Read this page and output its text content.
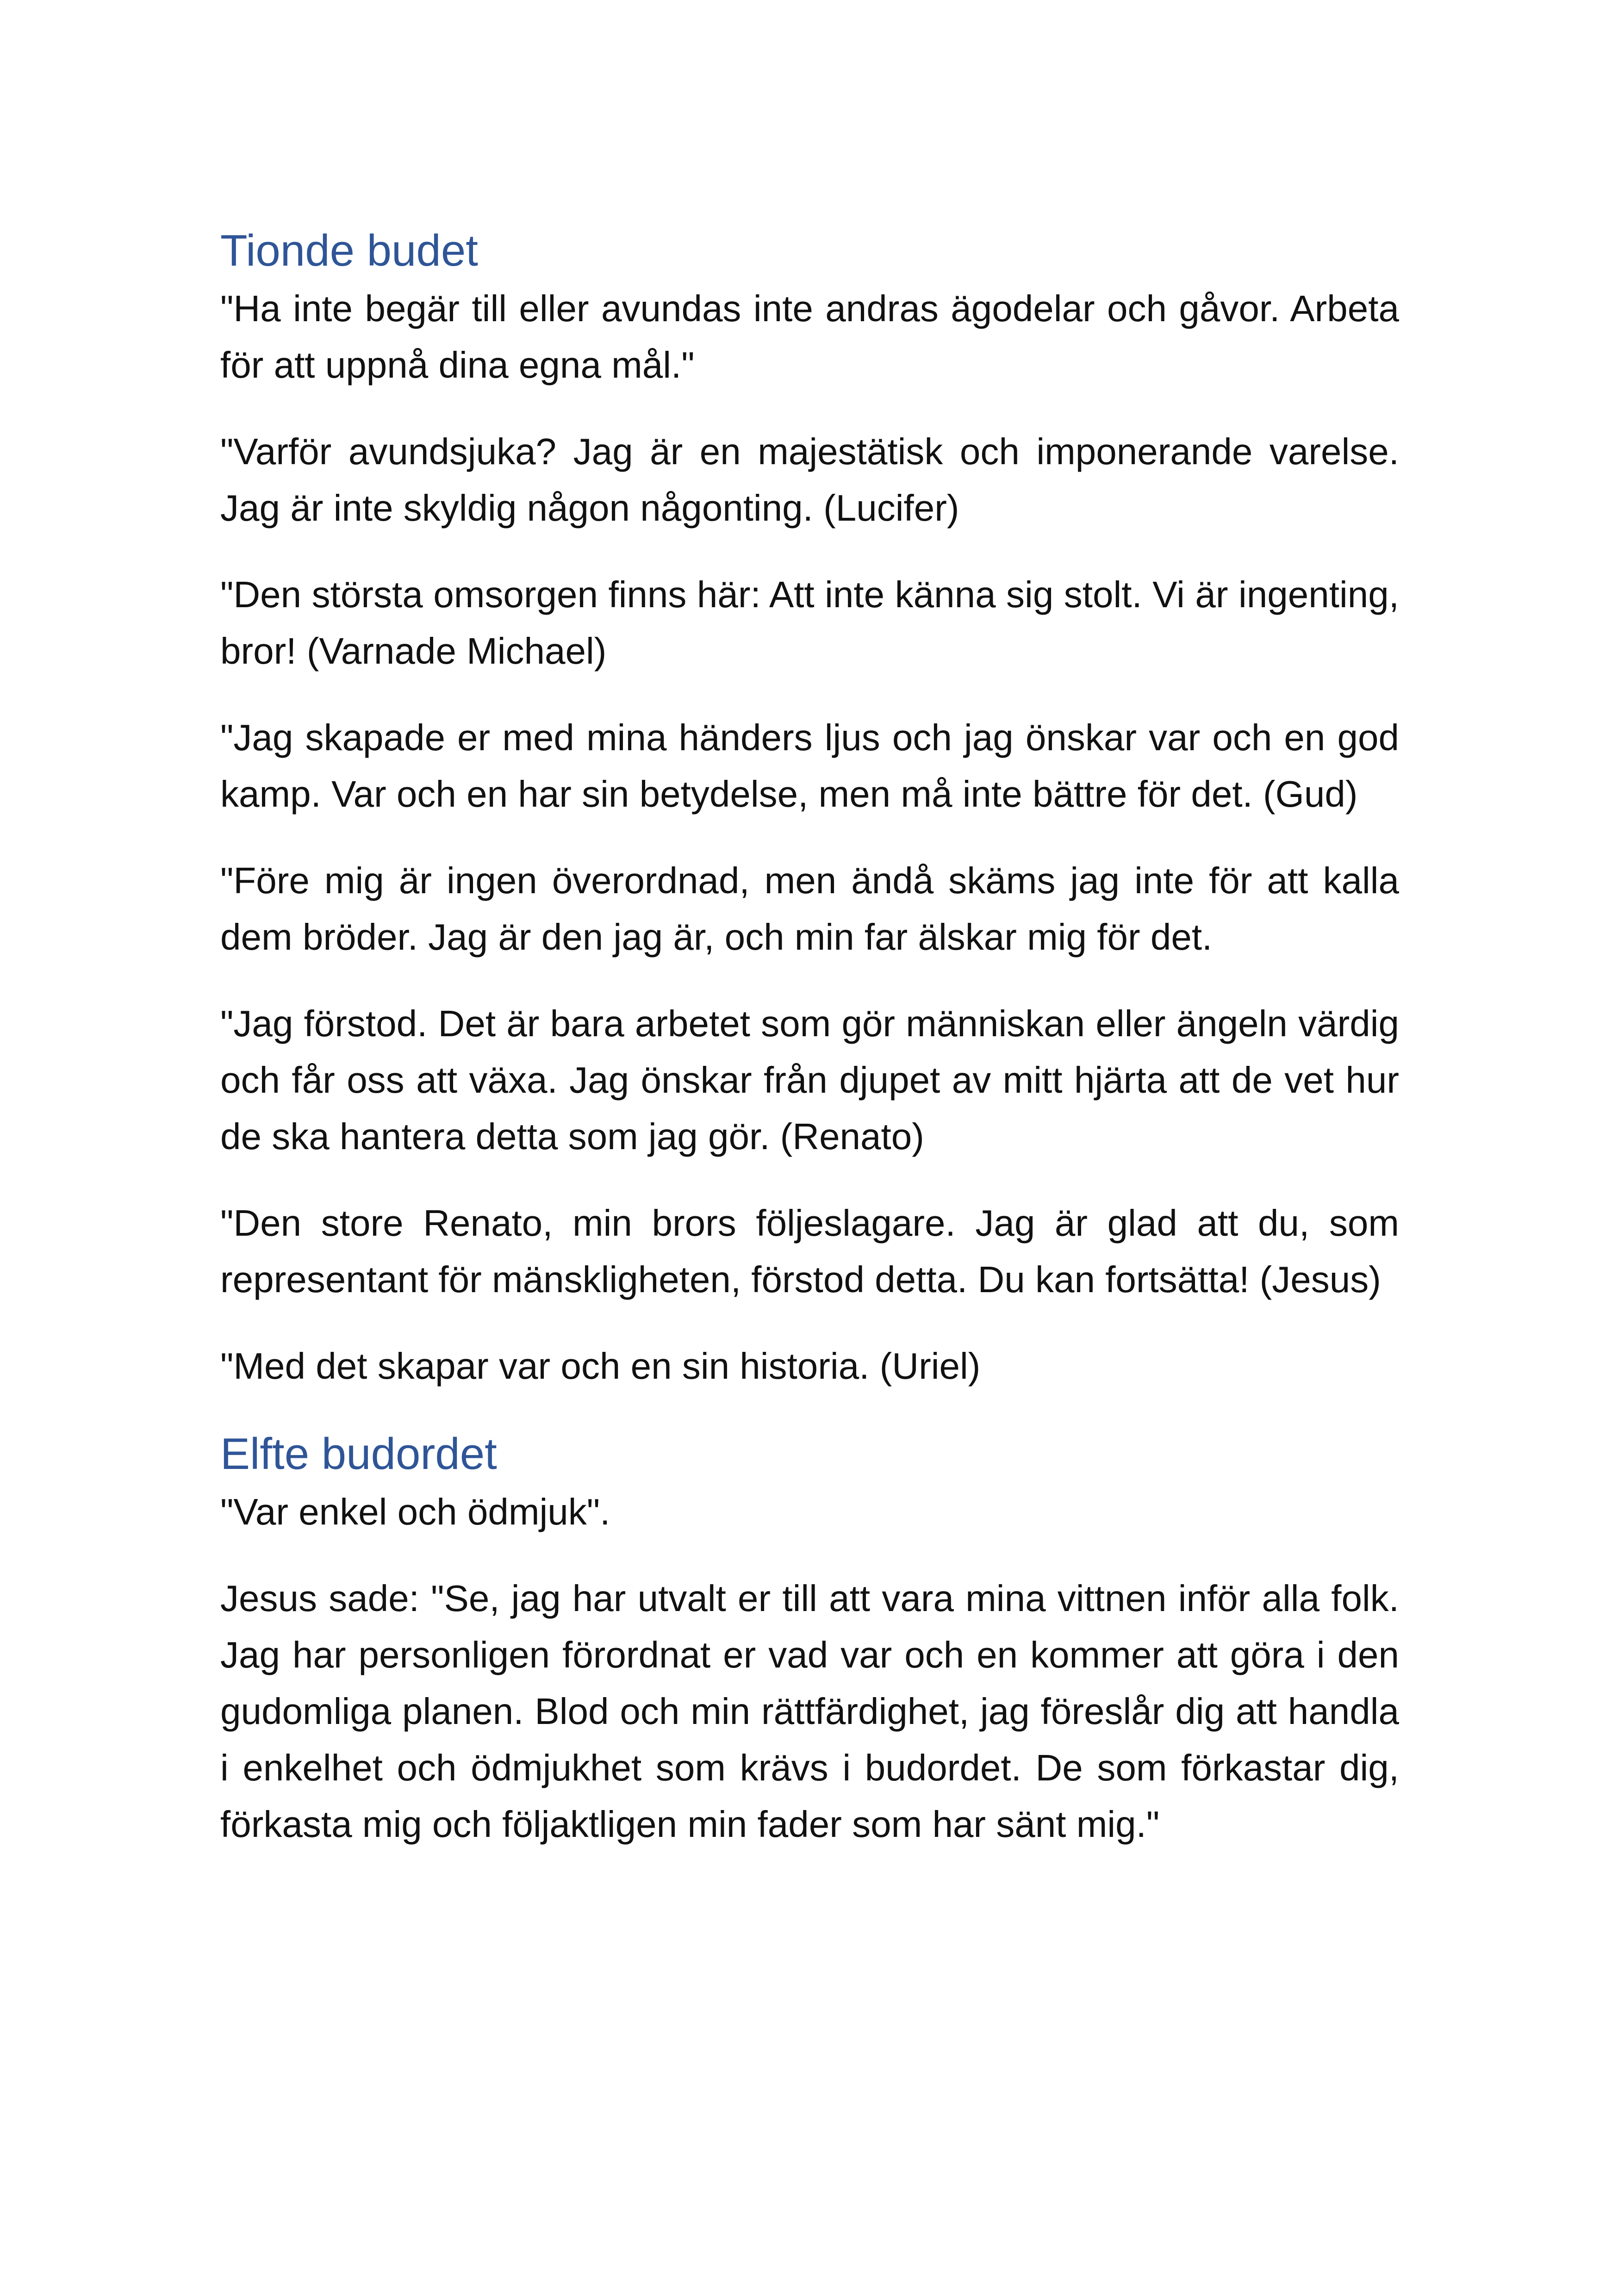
Tionde budet

"Ha inte begär till eller avundas inte andras ägodelar och gåvor. Arbeta för att uppnå dina egna mål."

"Varför avundsjuka? Jag är en majestätisk och imponerande varelse. Jag är inte skyldig någon någonting. (Lucifer)

"Den största omsorgen finns här: Att inte känna sig stolt. Vi är ingenting, bror! (Varnade Michael)

"Jag skapade er med mina händers ljus och jag önskar var och en god kamp. Var och en har sin betydelse, men må inte bättre för det. (Gud)

"Före mig är ingen överordnad, men ändå skäms jag inte för att kalla dem bröder. Jag är den jag är, och min far älskar mig för det.

"Jag förstod. Det är bara arbetet som gör människan eller ängeln värdig och får oss att växa. Jag önskar från djupet av mitt hjärta att de vet hur de ska hantera detta som jag gör. (Renato)

"Den store Renato, min brors följeslagare. Jag är glad att du, som representant för mänskligheten, förstod detta. Du kan fortsätta! (Jesus)

"Med det skapar var och en sin historia. (Uriel)

Elfte budordet

"Var enkel och ödmjuk".

Jesus sade: "Se, jag har utvalt er till att vara mina vittnen inför alla folk. Jag har personligen förordnat er vad var och en kommer att göra i den gudomliga planen. Blod och min rättfärdighet, jag föreslår dig att handla i enkelhet och ödmjukhet som krävs i budordet. De som förkastar dig, förkasta mig och följaktligen min fader som har sänt mig."
